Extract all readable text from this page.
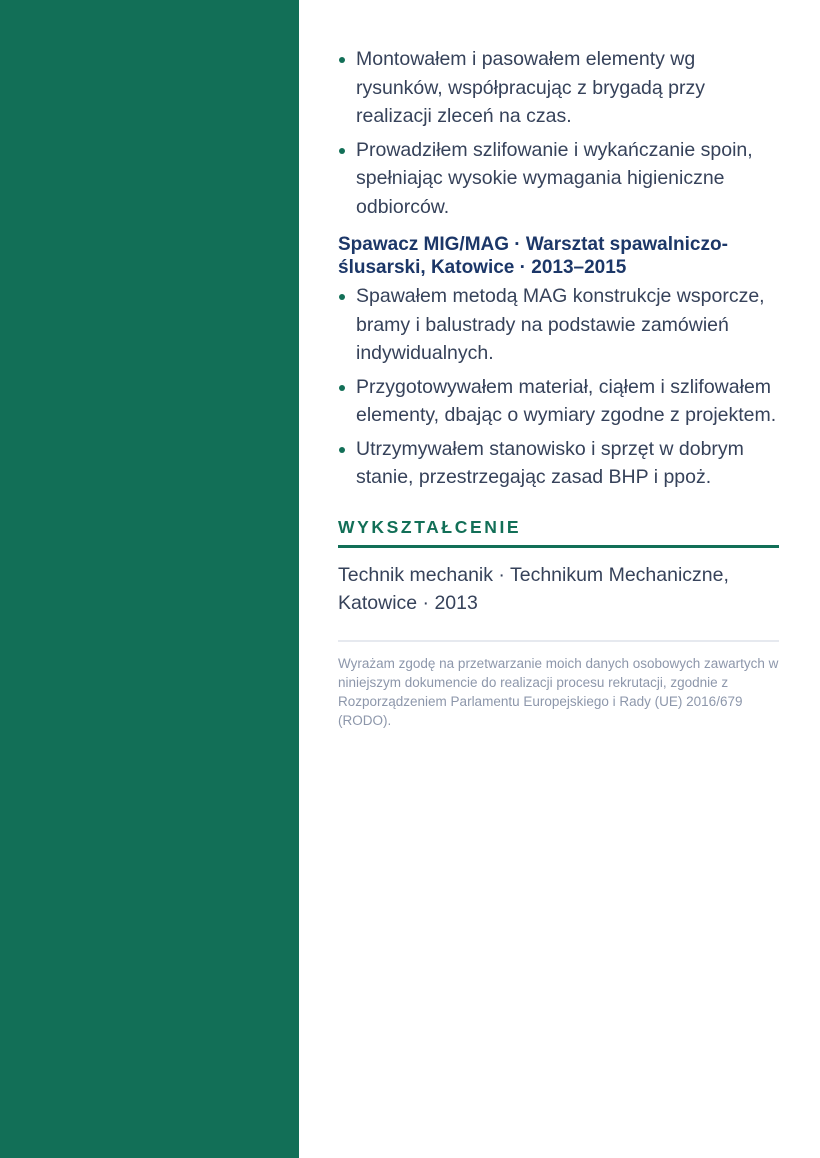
Montowałem i pasowałem elementy wg rysunków, współpracując z brygadą przy realizacji zleceń na czas.
Prowadziłem szlifowanie i wykańczanie spoin, spełniając wysokie wymagania higieniczne odbiorców.
Spawacz MIG/MAG · Warsztat spawalniczo-ślusarski, Katowice · 2013–2015
Spawałem metodą MAG konstrukcje wsporcze, bramy i balustrady na podstawie zamówień indywidualnych.
Przygotowywałem materiał, ciąłem i szlifowałem elementy, dbając o wymiary zgodne z projektem.
Utrzymywałem stanowisko i sprzęt w dobrym stanie, przestrzegając zasad BHP i ppoż.
WYKSZTAŁCENIE
Technik mechanik · Technikum Mechaniczne, Katowice · 2013
Wyrażam zgodę na przetwarzanie moich danych osobowych zawartych w niniejszym dokumencie do realizacji procesu rekrutacji, zgodnie z Rozporządzeniem Parlamentu Europejskiego i Rady (UE) 2016/679 (RODO).
